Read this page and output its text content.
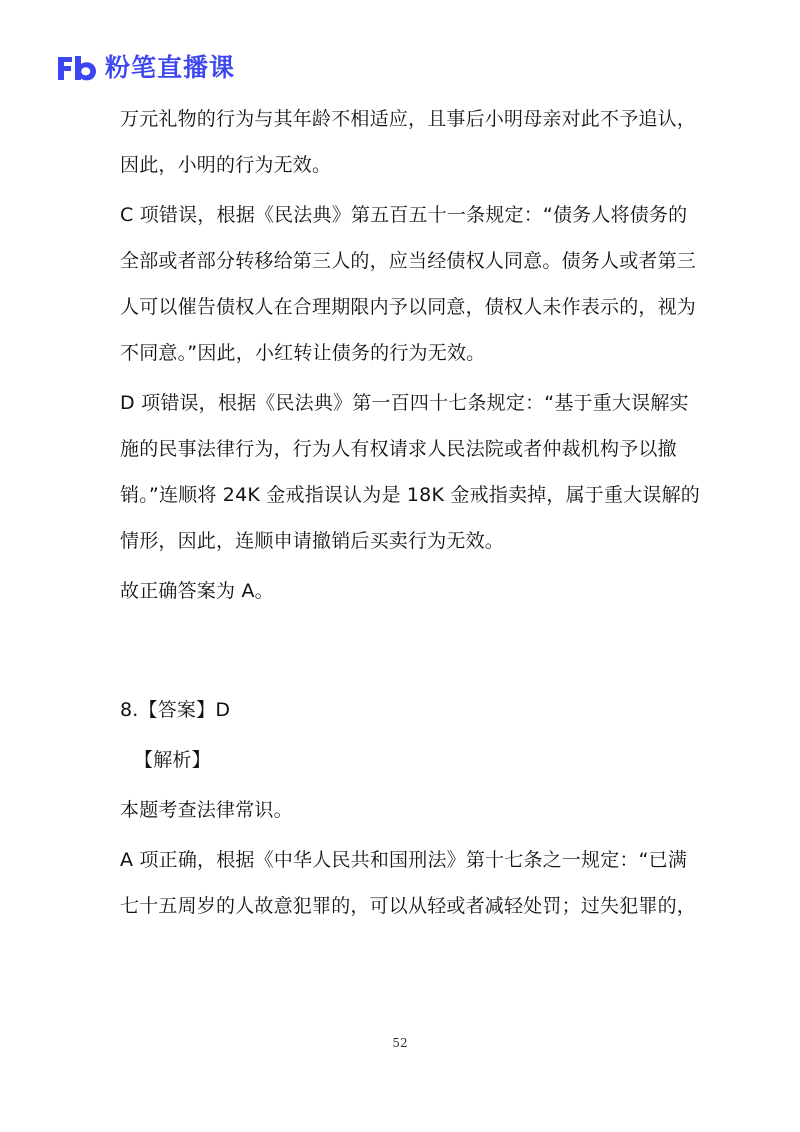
粉笔直播课
万元礼物的行为与其年龄不相适应，且事后小明母亲对此不予追认，
因此，小明的行为无效。
C 项错误，根据《民法典》第五百五十一条规定：“债务人将债务的
全部或者部分转移给第三人的，应当经债权人同意。债务人或者第三
人可以催告债权人在合理期限内予以同意，债权人未作表示的，视为
不同意。”因此，小红转让债务的行为无效。
D 项错误，根据《民法典》第一百四十七条规定：“基于重大误解实
施的民事法律行为，行为人有权请求人民法院或者仲裁机构予以撤
销。”连顺将 24K 金戒指误认为是 18K 金戒指卖掉，属于重大误解的
情形，因此，连顺申请撤销后买卖行为无效。
故正确答案为 A。
8.【答案】D
【解析】
本题考查法律常识。
A 项正确，根据《中华人民共和国刑法》第十七条之一规定：“已满
七十五周岁的人故意犯罪的，可以从轻或者减轻处罚；过失犯罪的，
52
